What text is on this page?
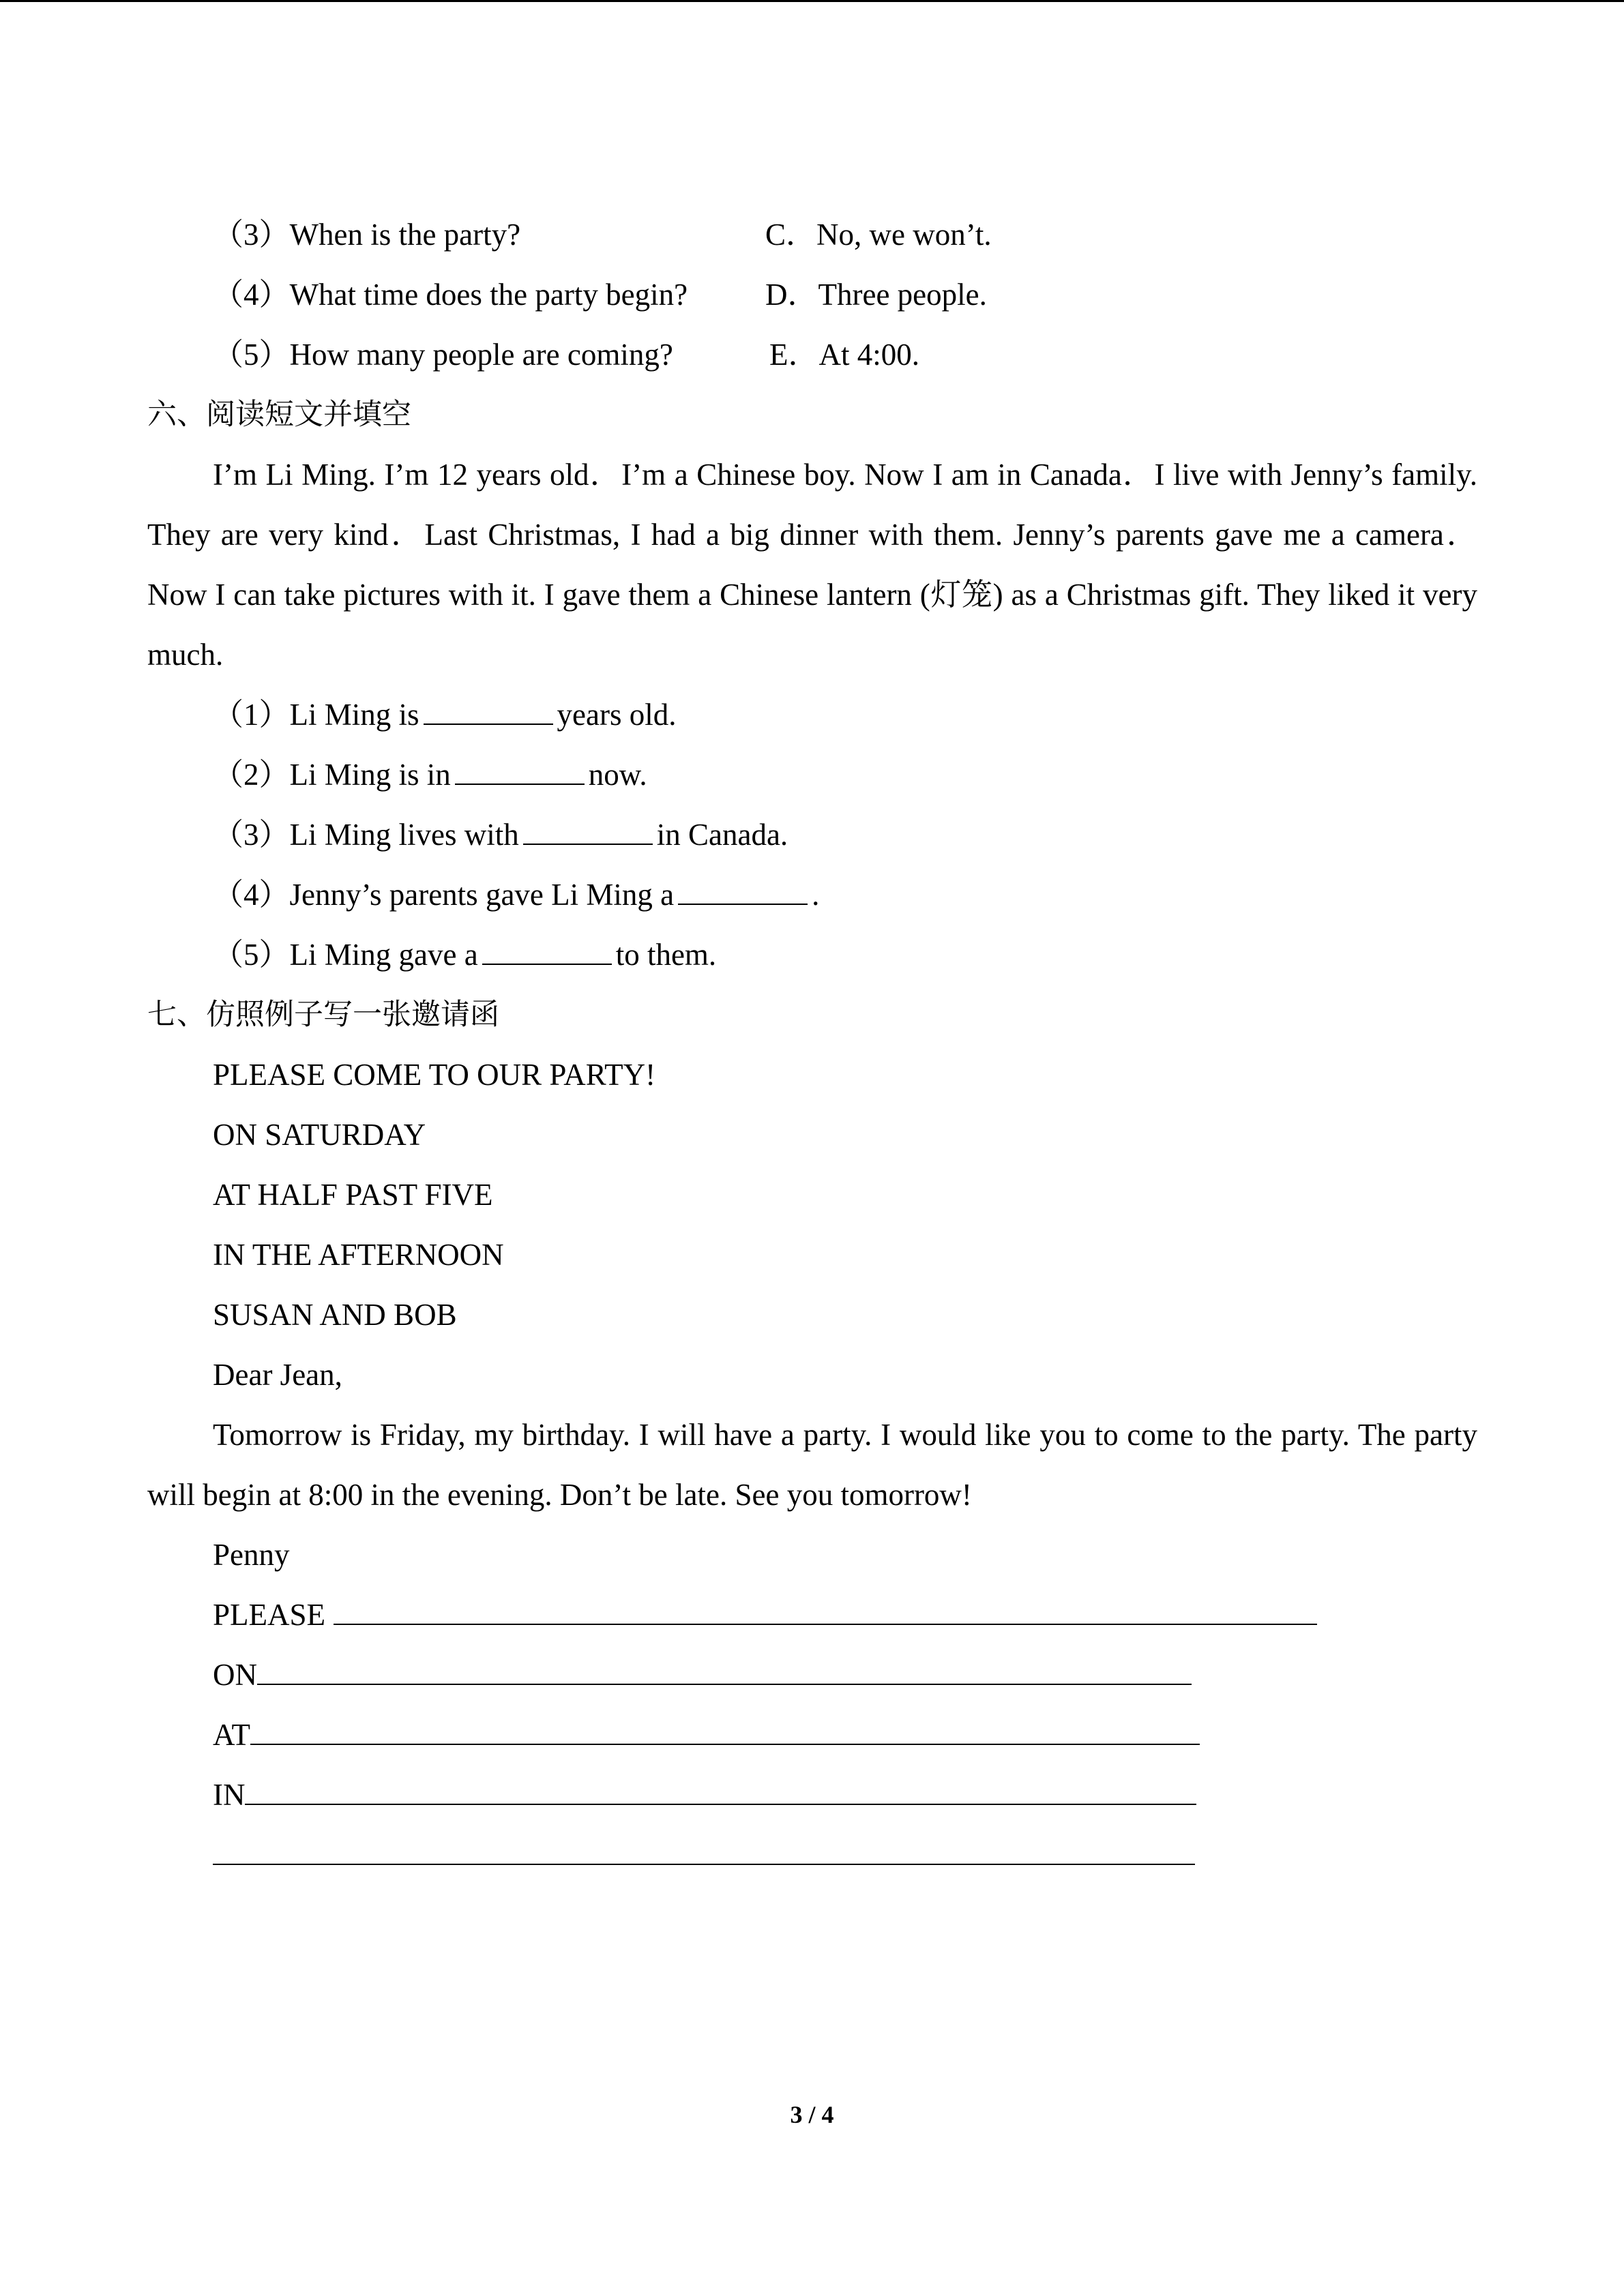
（3）When is the party?	C．No, we won’t.
（4）What time does the party begin?	D．Three people.
（5）How many people are coming?	E．At 4:00.
六、阅读短文并填空
I’m Li Ming. I’m 12 years old．I’m a Chinese boy. Now I am in Canada．I live with Jenny’s family. They are very kind．Last Christmas, I had a big dinner with them. Jenny’s parents gave me a camera．Now I can take pictures with it. I gave them a Chinese lantern (灯笼) as a Christmas gift. They liked it very much.
（1）Li Ming is	years old.
（2）Li Ming is in	now.
（3）Li Ming lives with	in Canada.
（4）Jenny’s parents gave Li Ming a	.
（5）Li Ming gave a	to them.
七、仿照例子写一张邀请函
PLEASE COME TO OUR PARTY!
ON SATURDAY
AT HALF PAST FIVE
IN THE AFTERNOON
SUSAN AND BOB
Dear Jean,
Tomorrow is Friday, my birthday. I will have a party. I would like you to come to the party. The party will begin at 8:00 in the evening. Don’t be late. See you tomorrow!
Penny
PLEASE
ON
AT
IN
3 / 4
